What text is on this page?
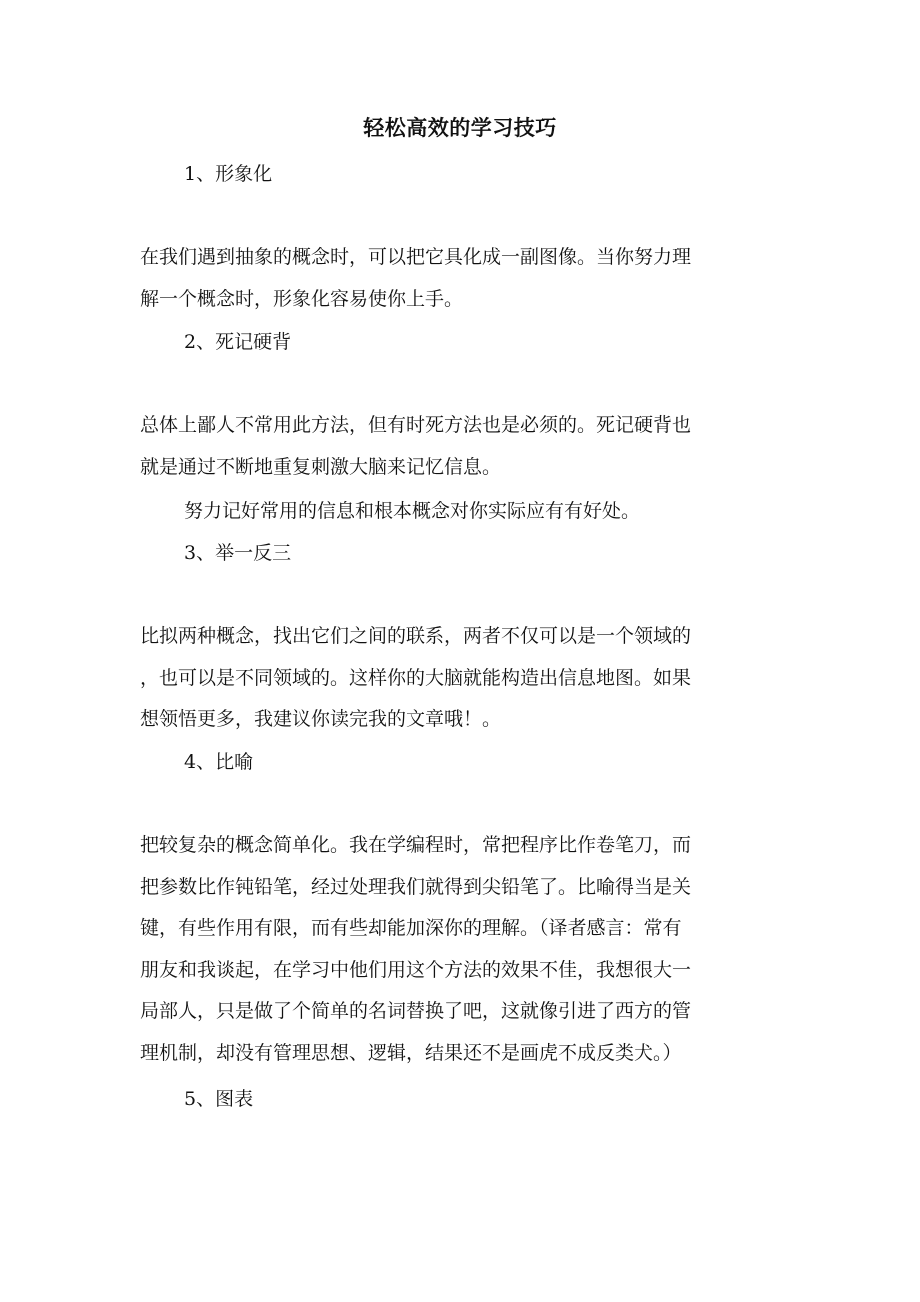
轻松高效的学习技巧
1、形象化
在我们遇到抽象的概念时，可以把它具化成一副图像。当你努力理
解一个概念时，形象化容易使你上手。
2、死记硬背
总体上鄙人不常用此方法，但有时死方法也是必须的。死记硬背也
就是通过不断地重复刺激大脑来记忆信息。
努力记好常用的信息和根本概念对你实际应有有好处。
3、举一反三
比拟两种概念，找出它们之间的联系，两者不仅可以是一个领域的
，也可以是不同领域的。这样你的大脑就能构造出信息地图。如果
想领悟更多，我建议你读完我的文章哦！。
4、比喻
把较复杂的概念简单化。我在学编程时，常把程序比作卷笔刀，而
把参数比作钝铅笔，经过处理我们就得到尖铅笔了。比喻得当是关
键，有些作用有限，而有些却能加深你的理解。（译者感言：常有
朋友和我谈起，在学习中他们用这个方法的效果不佳，我想很大一
局部人，只是做了个简单的名词替换了吧，这就像引进了西方的管
理机制，却没有管理思想、逻辑，结果还不是画虎不成反类犬。）
5、图表
